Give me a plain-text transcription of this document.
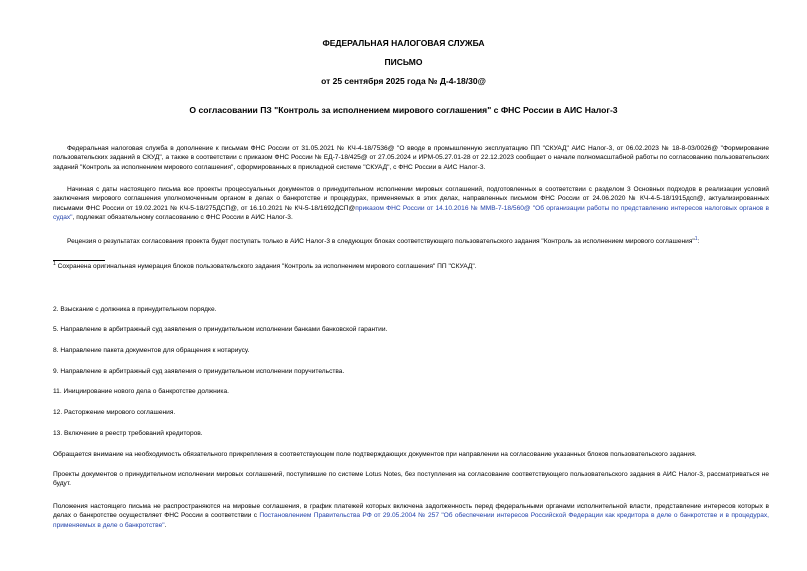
ФЕДЕРАЛЬНАЯ НАЛОГОВАЯ СЛУЖБА

ПИСЬМО

от 25 сентября 2025 года № Д-4-18/30@

О согласовании ПЗ "Контроль за исполнением мирового соглашения" с ФНС России в АИС Налог-3

Федеральная налоговая служба в дополнение к письмам ФНС России от 31.05.2021 № КЧ-4-18/7536@ "О вводе в промышленную эксплуатацию ПП "СКУАД" АИС Налог-3, от 06.02.2023 № 18-8-03/0026@ "Формирование пользовательских заданий в СКУД", а также в соответствии с приказом ФНС России № ЕД-7-18/425@ от 27.05.2024 и ИРМ-05.27.01-28 от 22.12.2023 сообщает о начале полномасштабной работы по согласованию пользовательских заданий "Контроль за исполнением мирового соглашения", сформированных в прикладной системе "СКУАД", с ФНС России в АИС Налог-3.

Начиная с даты настоящего письма все проекты процессуальных документов о принудительном исполнении мировых соглашений, подготовленных в соответствии с разделом 3 Основных подходов в реализации условий заключения мирового соглашения уполномоченным органом в делах о банкротстве и процедурах, применяемых в этих делах, направленных письмом ФНС России от 24.06.2020 № КЧ-4-5-18/1915дсп@, актуализированных письмами ФНС России от 19.02.2021 № КЧ-5-18/275ДСП@, от 16.10.2021 № КЧ-5-18/1692ДСП@приказом ФНС России от 14.10.2016 № ММВ-7-18/560@ "Об организации работы по представлению интересов налоговых органов в судах", подлежат обязательному согласованию с ФНС России в АИС Налог-3.

Рецензия о результатах согласования проекта будет поступать только в АИС Налог-3 в следующих блоках соответствующего пользовательского задания "Контроль за исполнением мирового соглашения"$^1$:

$^1$ Сохранена оригинальная нумерация блоков пользовательского задания "Контроль за исполнением мирового соглашения" ПП "СКУАД".

2. Взыскание с должника в принудительном порядке.

5. Направление в арбитражный суд заявления о принудительном исполнении банками банковской гарантии.

8. Направление пакета документов для обращения к нотариусу.

9. Направление в арбитражный суд заявления о принудительном исполнении поручительства.

11. Инициирование нового дела о банкротстве должника.

12. Расторжение мирового соглашения.

13. Включение в реестр требований кредиторов.

Обращается внимание на необходимость обязательного прикрепления в соответствующем поле подтверждающих документов при направлении на согласование указанных блоков пользовательского задания.

Проекты документов о принудительном исполнении мировых соглашений, поступившие по системе Lotus Notes, без поступления на согласование соответствующего пользовательского задания в АИС Налог-3, рассматриваться не будут.

Положения настоящего письма не распространяются на мировые соглашения, в график платежей которых включена задолженность перед федеральными органами исполнительной власти, представление интересов которых в делах о банкротстве осуществляет ФНС России в соответствии с Постановлением Правительства РФ от 29.05.2004 № 257 "Об обеспечении интересов Российской Федерации как кредитора в деле о банкротстве и в процедурах, применяемых в деле о банкротстве".
